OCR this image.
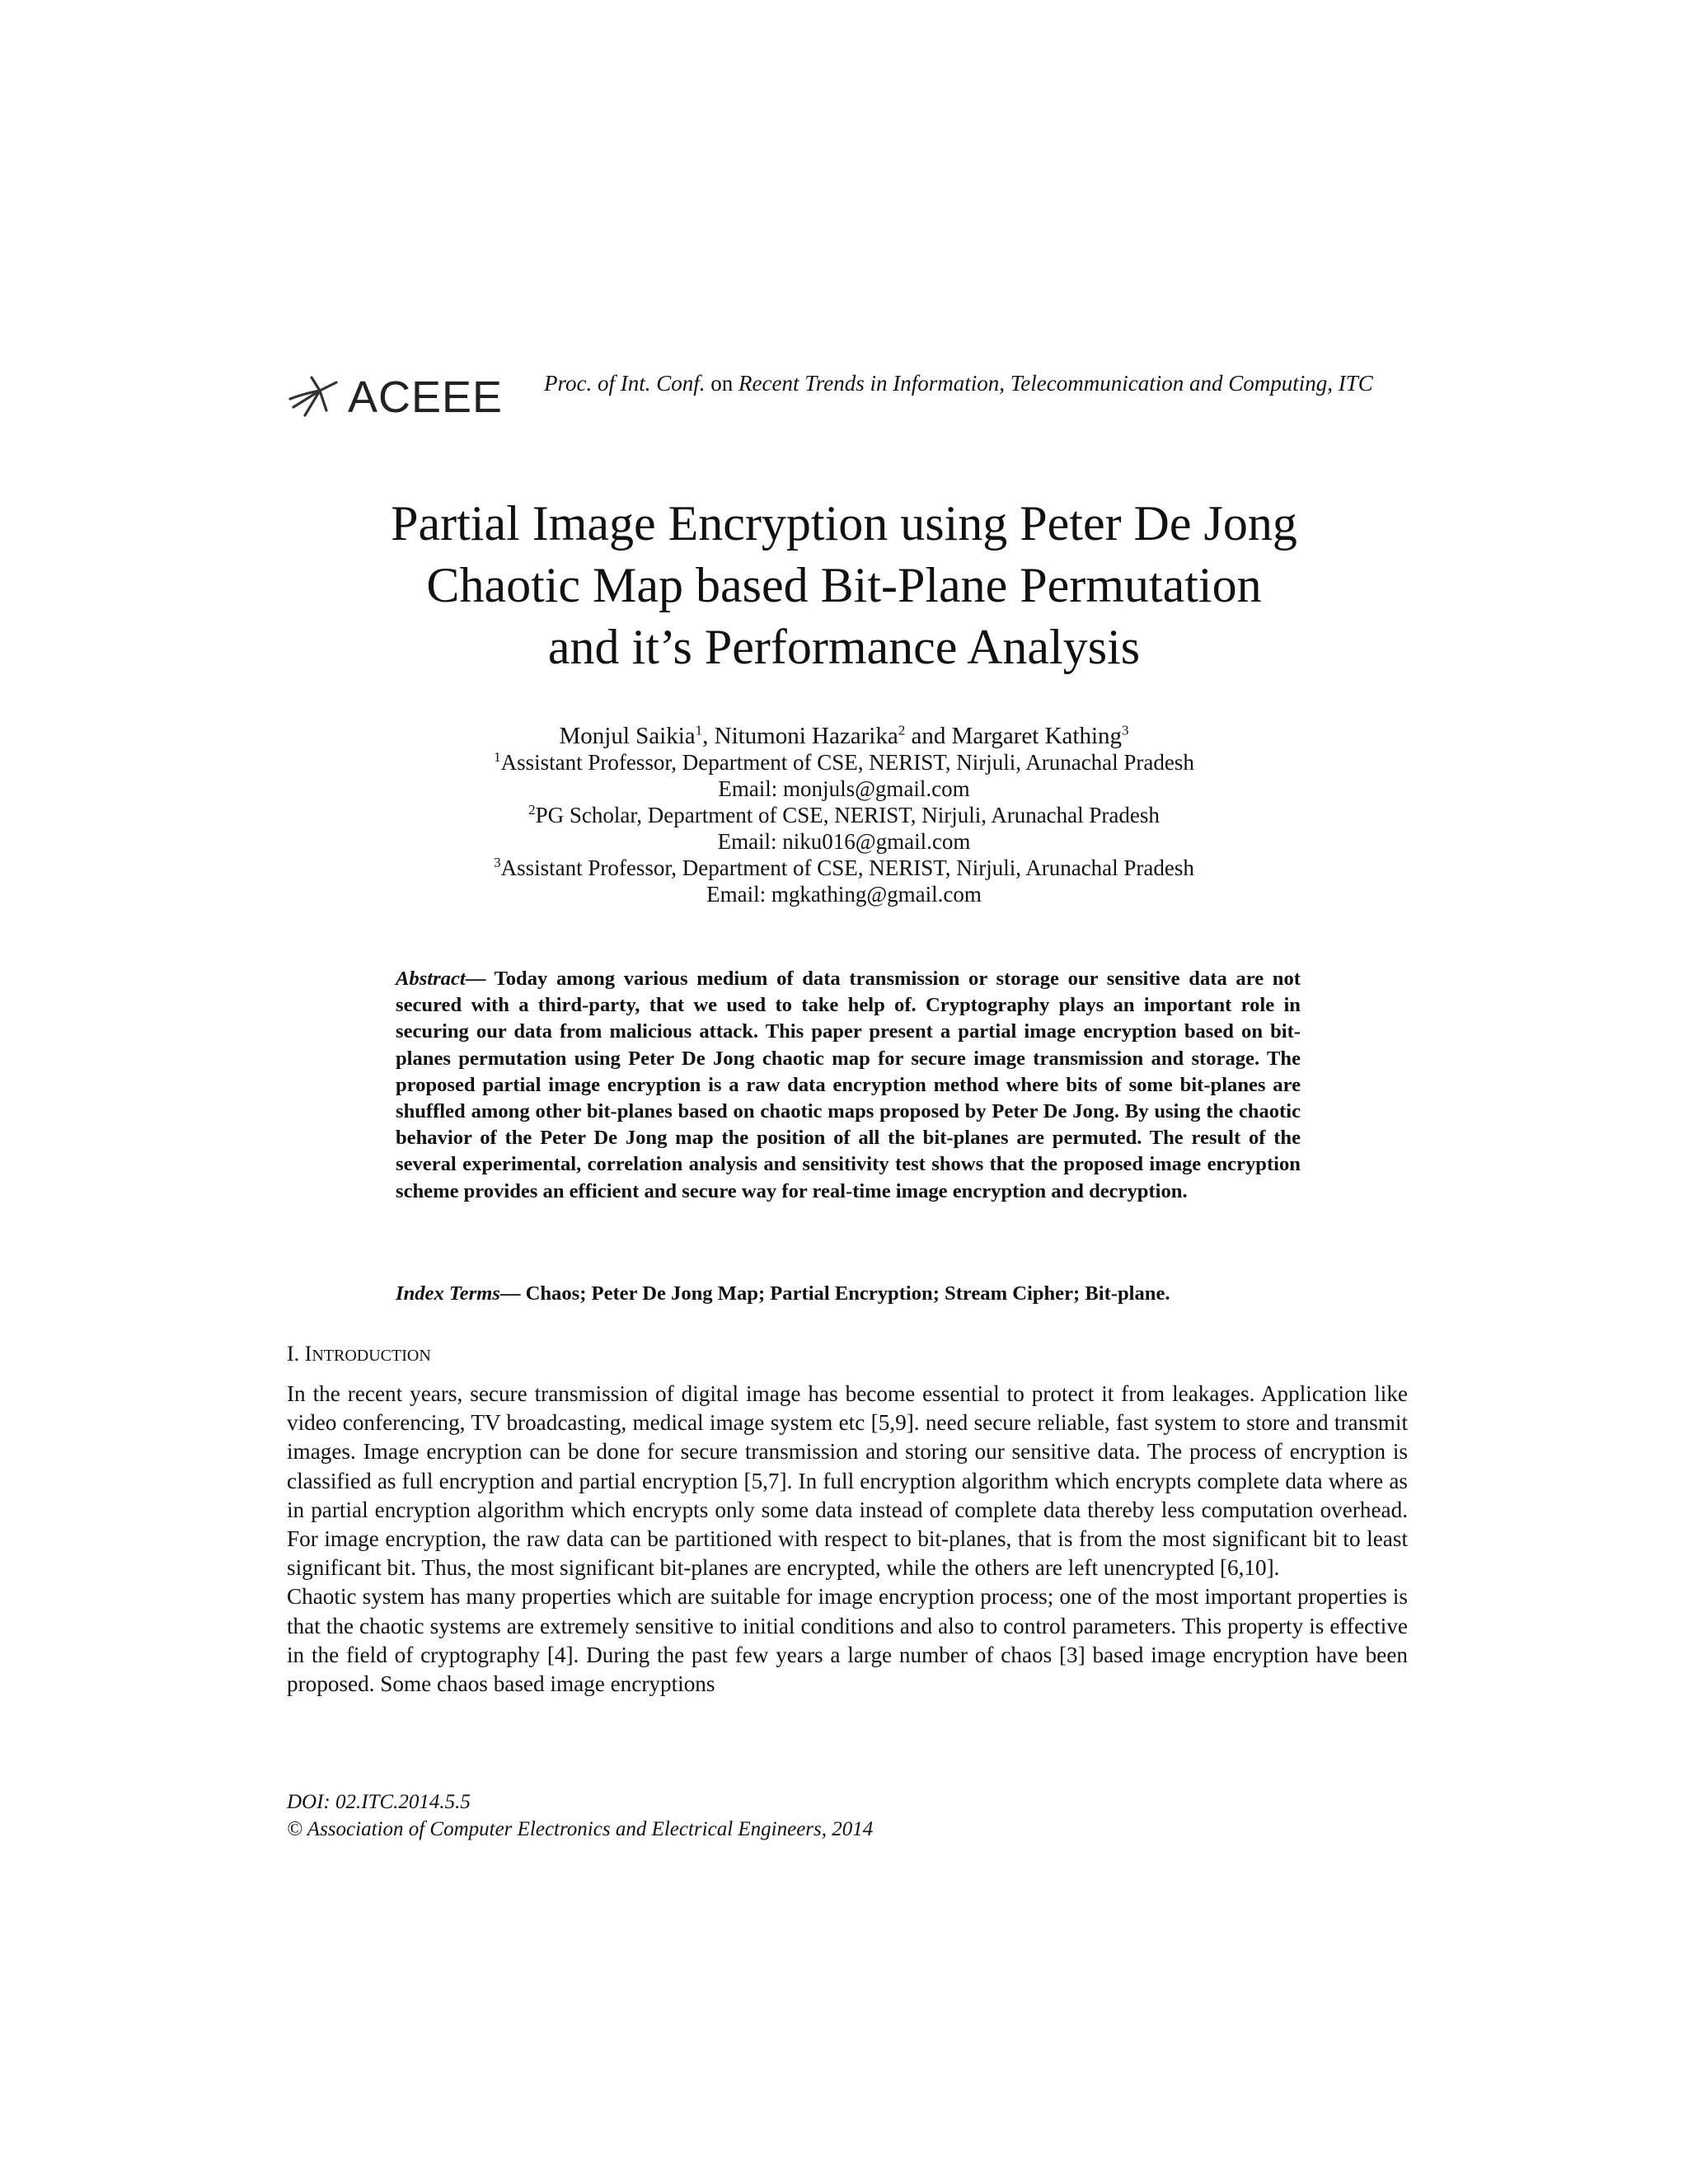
ACEEE Proc. of Int. Conf. on Recent Trends in Information, Telecommunication and Computing, ITC
Partial Image Encryption using Peter De Jong
Chaotic Map based Bit-Plane Permutation
and it’s Performance Analysis
Monjul Saikia$^1$, Nitumoni Hazarika$^2$ and Margaret Kathing$^3$
$^1$Assistant Professor, Department of CSE, NERIST, Nirjuli, Arunachal Pradesh
Email: monjuls@gmail.com
$^2$PG Scholar, Department of CSE, NERIST, Nirjuli, Arunachal Pradesh
Email: niku016@gmail.com
$^3$Assistant Professor, Department of CSE, NERIST, Nirjuli, Arunachal Pradesh
Email: mgkathing@gmail.com
Abstract— Today among various medium of data transmission or storage our sensitive data are not secured with a third-party, that we used to take help of. Cryptography plays an important role in securing our data from malicious attack. This paper present a partial image encryption based on bit-planes permutation using Peter De Jong chaotic map for secure image transmission and storage. The proposed partial image encryption is a raw data encryption method where bits of some bit-planes are shuffled among other bit-planes based on chaotic maps proposed by Peter De Jong. By using the chaotic behavior of the Peter De Jong map the position of all the bit-planes are permuted. The result of the several experimental, correlation analysis and sensitivity test shows that the proposed image encryption scheme provides an efficient and secure way for real-time image encryption and decryption.
Index Terms— Chaos; Peter De Jong Map; Partial Encryption; Stream Cipher; Bit-plane.
I. INTRODUCTION

In the recent years, secure transmission of digital image has become essential to protect it from leakages. Application like video conferencing, TV broadcasting, medical image system etc [5,9]. need secure reliable, fast system to store and transmit images. Image encryption can be done for secure transmission and storing our sensitive data. The process of encryption is classified as full encryption and partial encryption [5,7]. In full encryption algorithm which encrypts complete data where as in partial encryption algorithm which encrypts only some data instead of complete data thereby less computation overhead. For image encryption, the raw data can be partitioned with respect to bit-planes, that is from the most significant bit to least significant bit. Thus, the most significant bit-planes are encrypted, while the others are left unencrypted [6,10].

Chaotic system has many properties which are suitable for image encryption process; one of the most important properties is that the chaotic systems are extremely sensitive to initial conditions and also to control parameters. This property is effective in the field of cryptography [4]. During the past few years a large number of chaos [3] based image encryption have been proposed. Some chaos based image encryptions

DOI: 02.ITC.2014.5.5
© Association of Computer Electronics and Electrical Engineers, 2014
